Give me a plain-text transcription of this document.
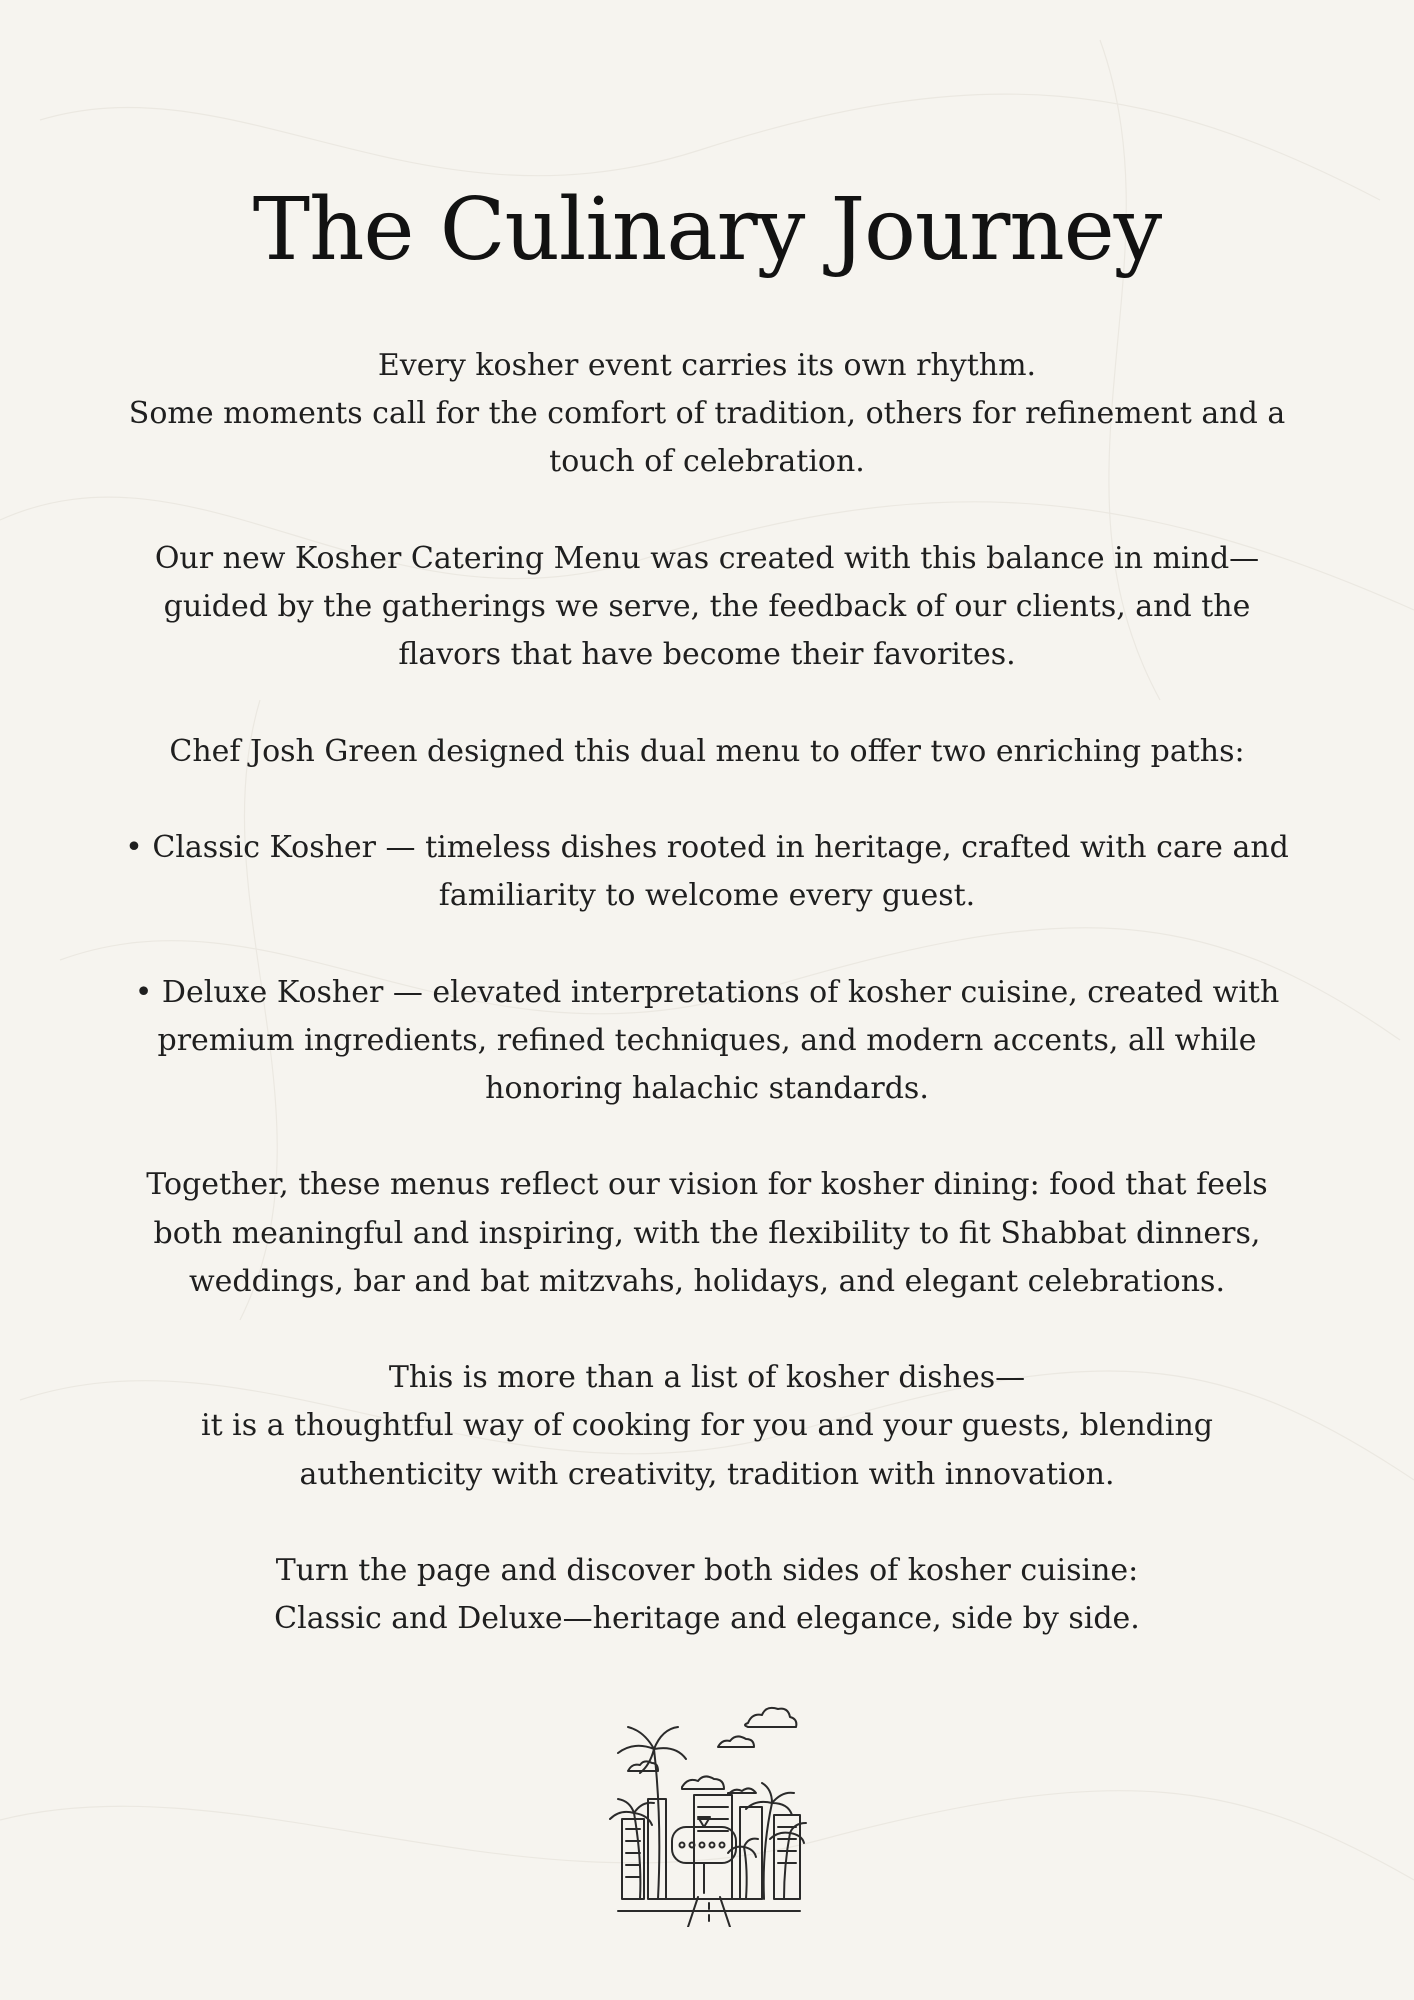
The Culinary Journey

Every kosher event carries its own rhythm.
Some moments call for the comfort of tradition, others for refinement and a touch of celebration.

Our new Kosher Catering Menu was created with this balance in mind—guided by the gatherings we serve, the feedback of our clients, and the flavors that have become their favorites.

Chef Josh Green designed this dual menu to offer two enriching paths:

• Classic Kosher — timeless dishes rooted in heritage, crafted with care and familiarity to welcome every guest.

• Deluxe Kosher — elevated interpretations of kosher cuisine, created with premium ingredients, refined techniques, and modern accents, all while honoring halachic standards.

Together, these menus reflect our vision for kosher dining: food that feels both meaningful and inspiring, with the flexibility to fit Shabbat dinners, weddings, bar and bat mitzvahs, holidays, and elegant celebrations.

This is more than a list of kosher dishes—
it is a thoughtful way of cooking for you and your guests, blending authenticity with creativity, tradition with innovation.

Turn the page and discover both sides of kosher cuisine:
Classic and Deluxe—heritage and elegance, side by side.
